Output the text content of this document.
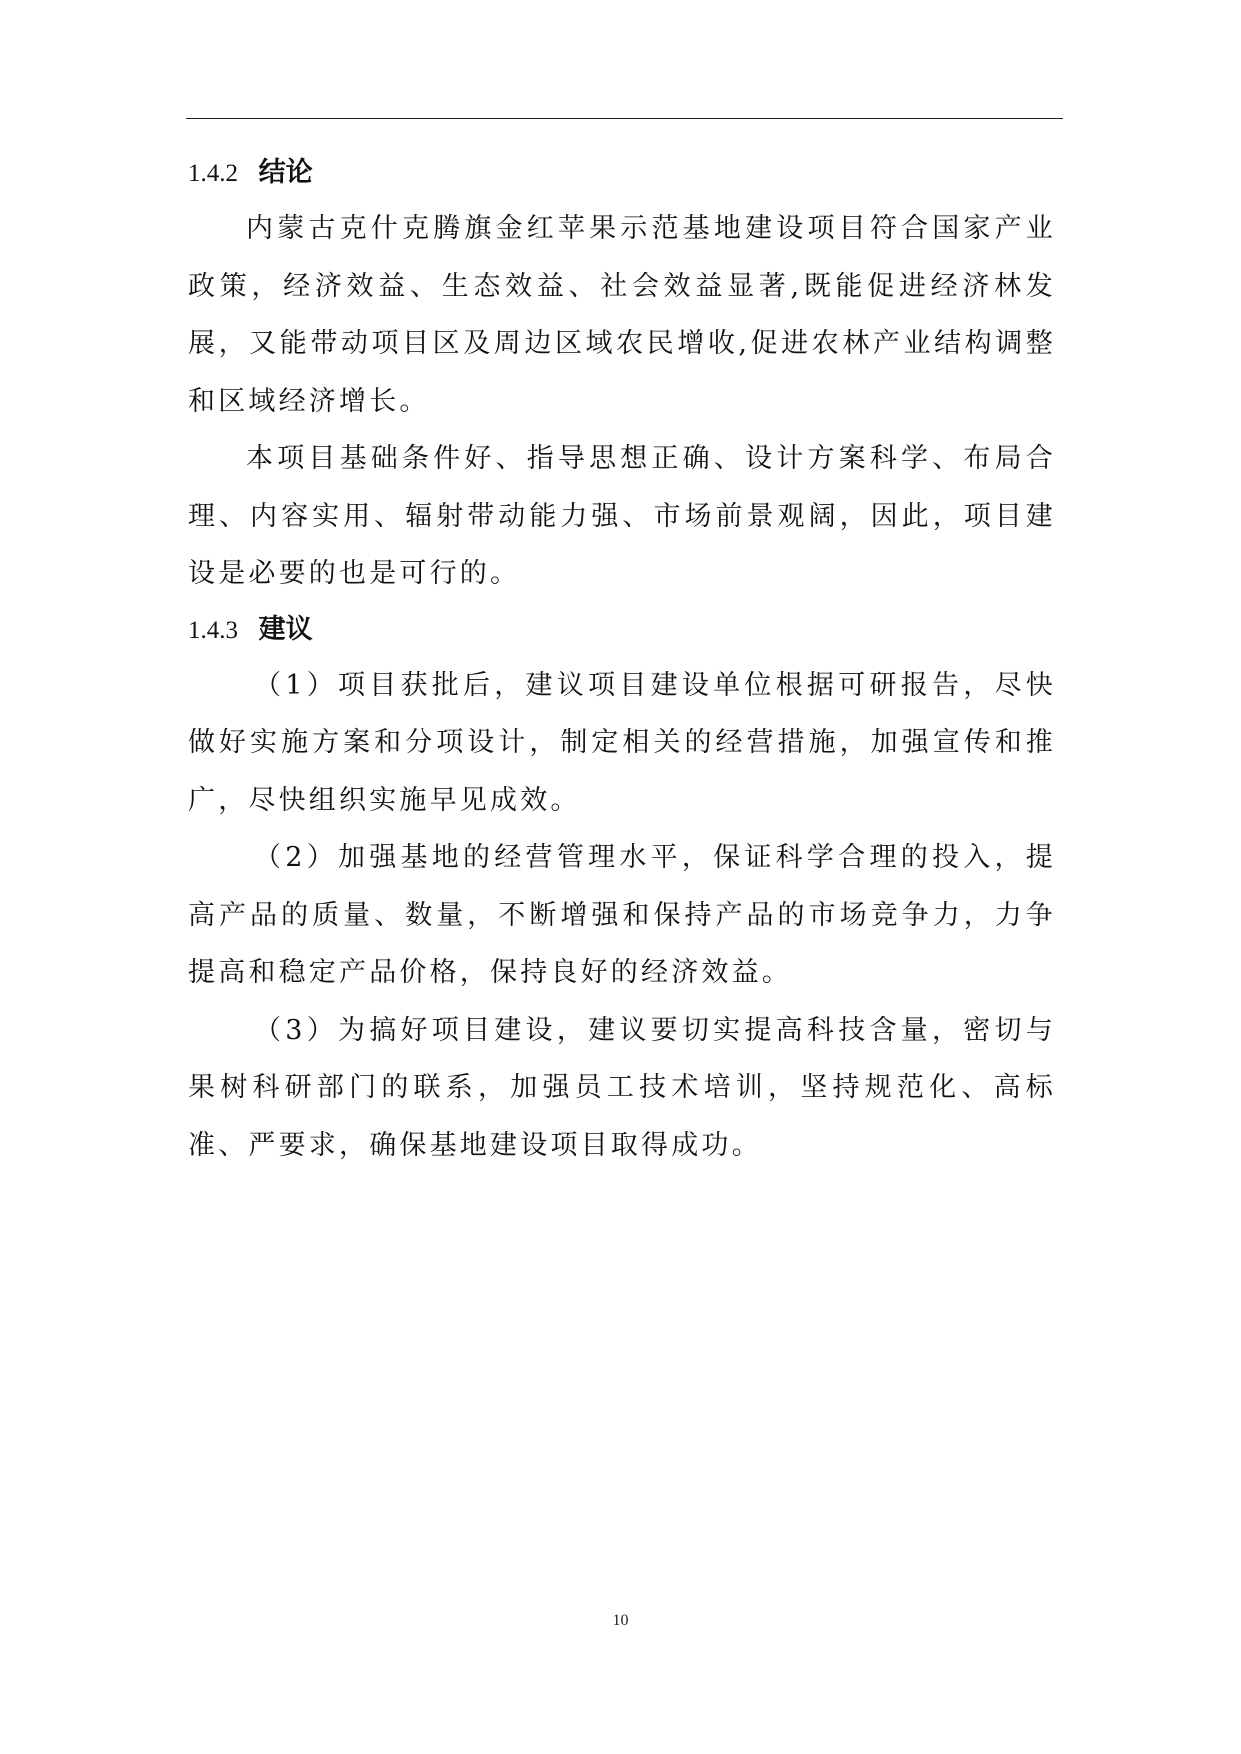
1.4.2 结论

内蒙古克什克腾旗金红苹果示范基地建设项目符合国家产业政策，经济效益、生态效益、社会效益显著,既能促进经济林发展，又能带动项目区及周边区域农民增收,促进农林产业结构调整和区域经济增长。

本项目基础条件好、指导思想正确、设计方案科学、布局合理、内容实用、辐射带动能力强、市场前景观阔，因此，项目建设是必要的也是可行的。

1.4.3 建议

（1）项目获批后，建议项目建设单位根据可研报告，尽快做好实施方案和分项设计，制定相关的经营措施，加强宣传和推广，尽快组织实施早见成效。

（2）加强基地的经营管理水平，保证科学合理的投入，提高产品的质量、数量，不断增强和保持产品的市场竞争力，力争提高和稳定产品价格，保持良好的经济效益。

（3）为搞好项目建设，建议要切实提高科技含量，密切与果树科研部门的联系，加强员工技术培训，坚持规范化、高标准、严要求，确保基地建设项目取得成功。

10
